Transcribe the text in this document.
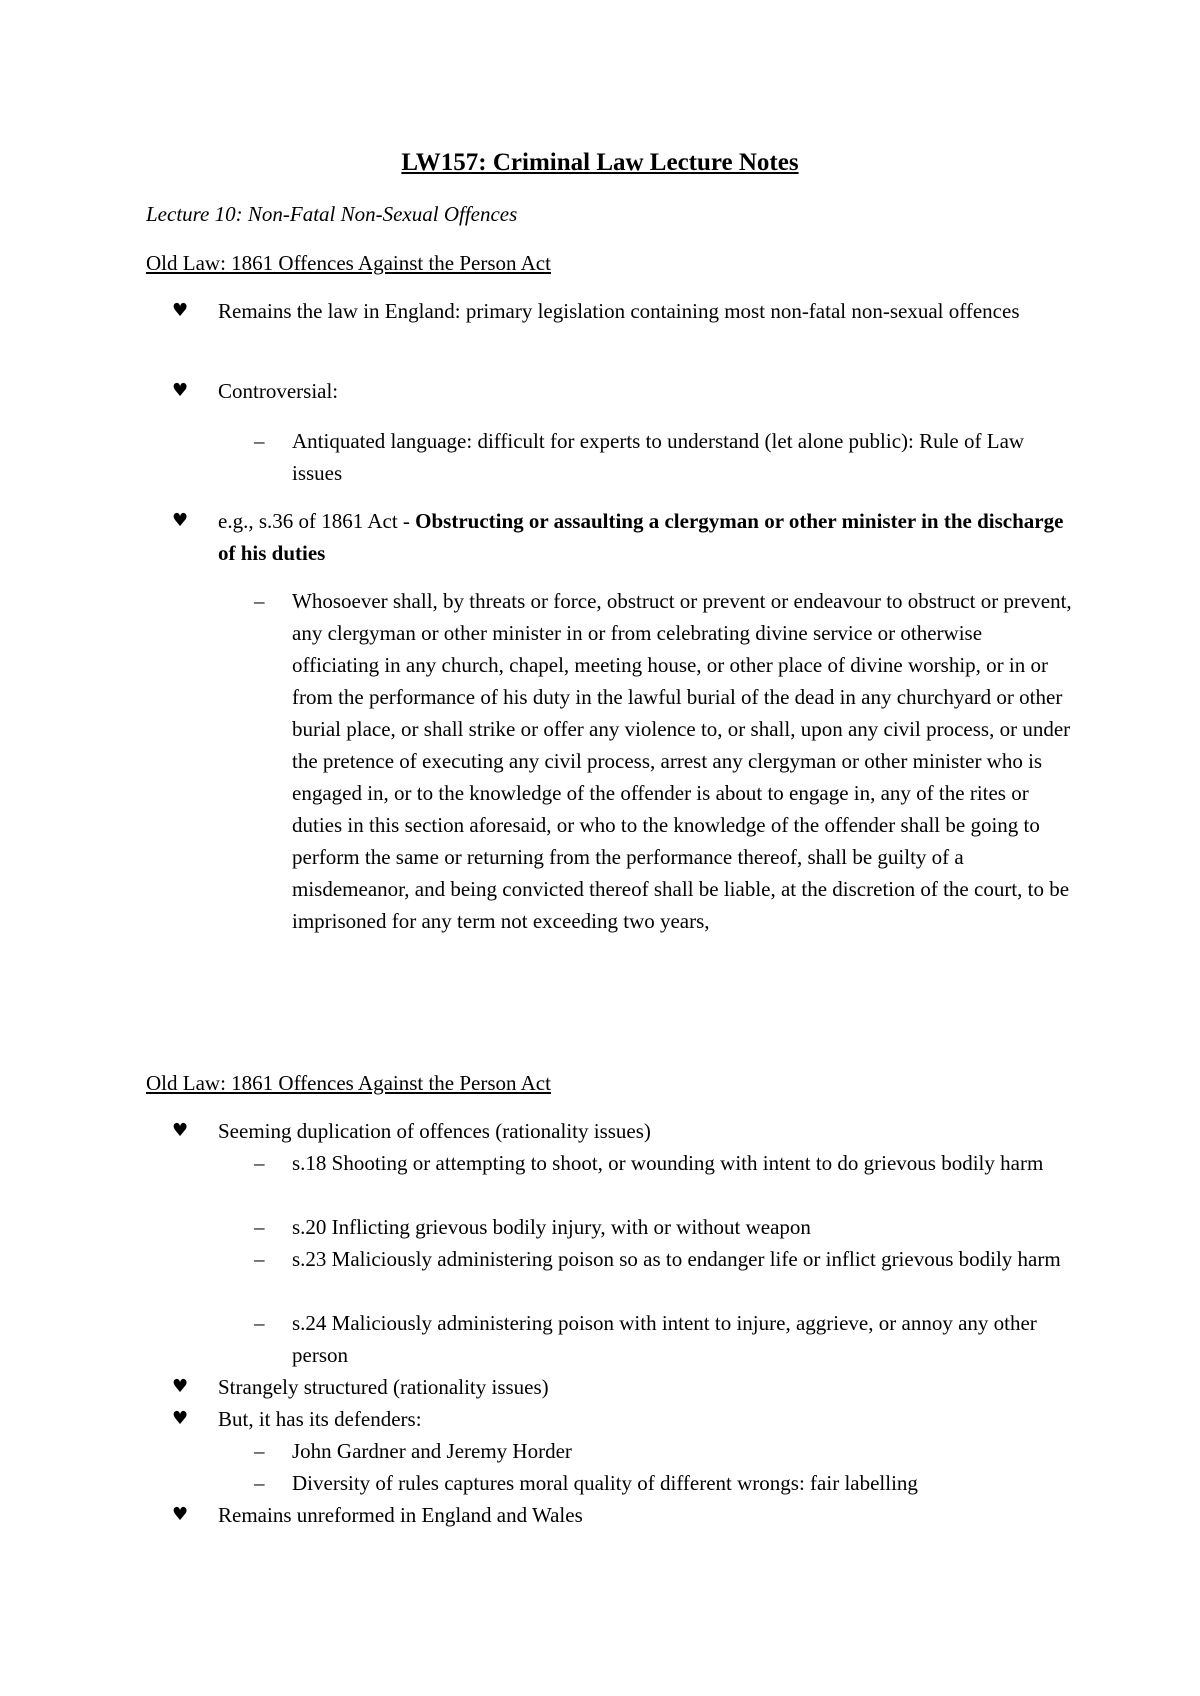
LW157: Criminal Law Lecture Notes
Lecture 10: Non-Fatal Non-Sexual Offences
Old Law: 1861 Offences Against the Person Act
♥ Remains the law in England: primary legislation containing most non-fatal non-sexual offences
♥ Controversial:
– Antiquated language: difficult for experts to understand (let alone public): Rule of Law issues
♥ e.g., s.36 of 1861 Act - Obstructing or assaulting a clergyman or other minister in the discharge of his duties
– Whosoever shall, by threats or force, obstruct or prevent or endeavour to obstruct or prevent, any clergyman or other minister in or from celebrating divine service or otherwise officiating in any church, chapel, meeting house, or other place of divine worship, or in or from the performance of his duty in the lawful burial of the dead in any churchyard or other burial place, or shall strike or offer any violence to, or shall, upon any civil process, or under the pretence of executing any civil process, arrest any clergyman or other minister who is engaged in, or to the knowledge of the offender is about to engage in, any of the rites or duties in this section aforesaid, or who to the knowledge of the offender shall be going to perform the same or returning from the performance thereof, shall be guilty of a misdemeanor, and being convicted thereof shall be liable, at the discretion of the court, to be imprisoned for any term not exceeding two years,
Old Law: 1861 Offences Against the Person Act
♥ Seeming duplication of offences (rationality issues)
– s.18 Shooting or attempting to shoot, or wounding with intent to do grievous bodily harm
– s.20 Inflicting grievous bodily injury, with or without weapon
– s.23 Maliciously administering poison so as to endanger life or inflict grievous bodily harm
– s.24 Maliciously administering poison with intent to injure, aggrieve, or annoy any other person
♥ Strangely structured (rationality issues)
♥ But, it has its defenders:
– John Gardner and Jeremy Horder
– Diversity of rules captures moral quality of different wrongs: fair labelling
♥ Remains unreformed in England and Wales
